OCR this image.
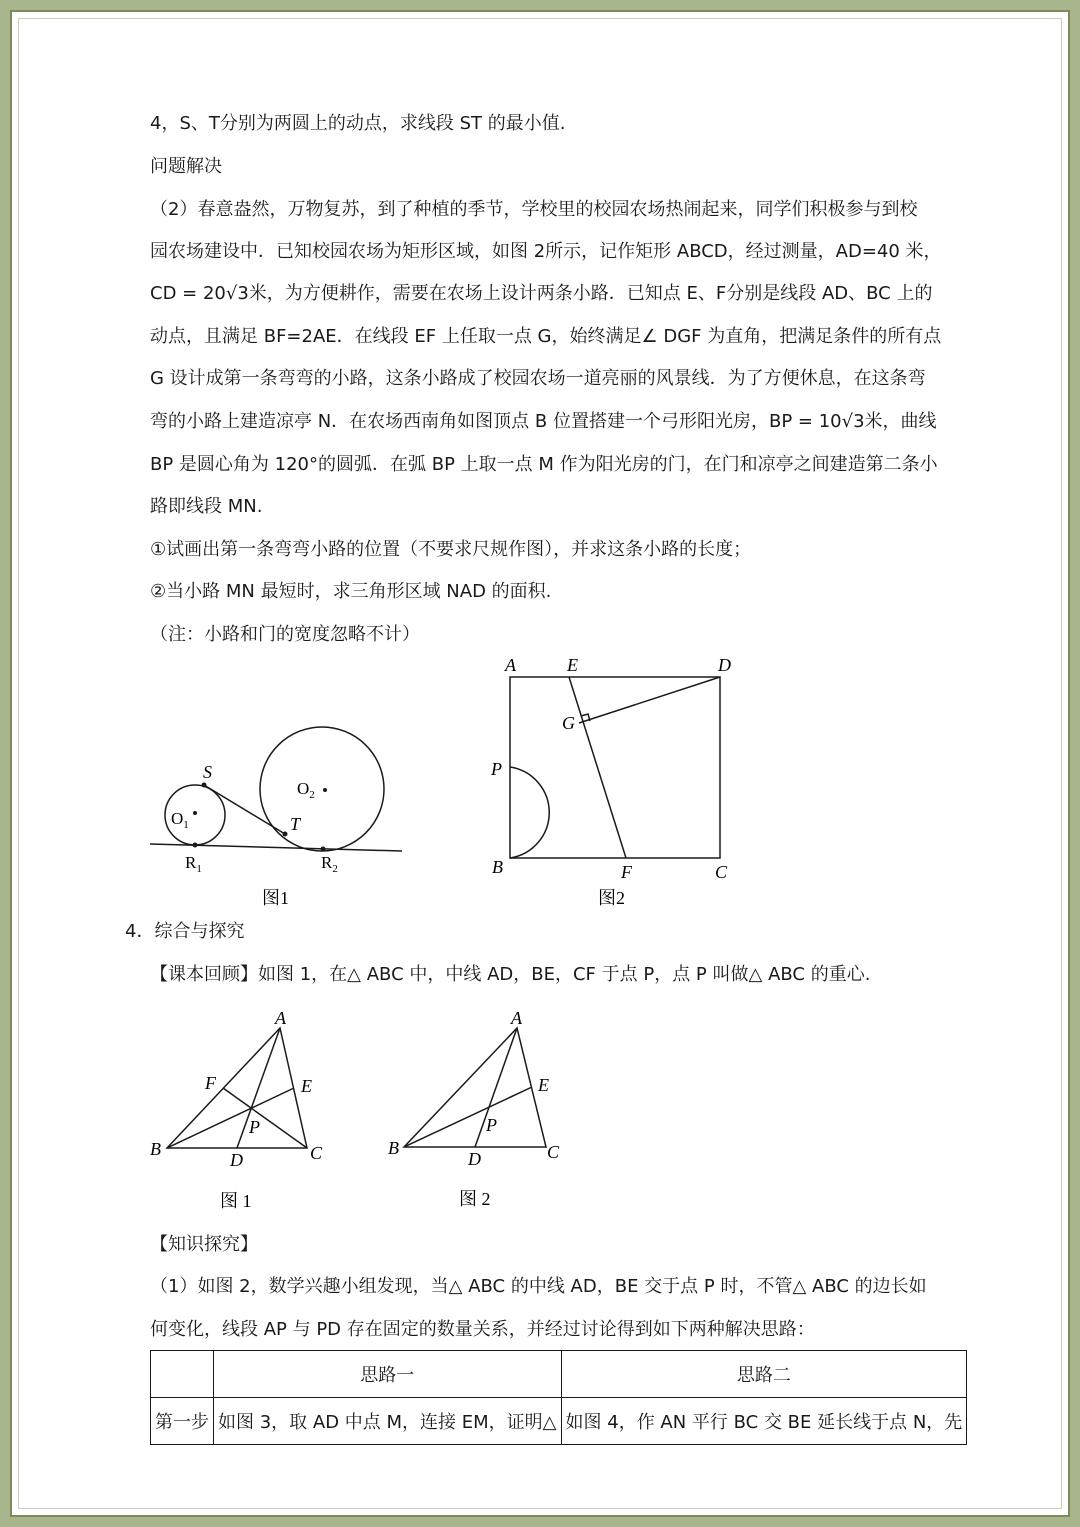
4，S、T分别为两圆上的动点，求线段 ST 的最小值.
问题解决
（2）春意盎然，万物复苏，到了种植的季节，学校里的校园农场热闹起来，同学们积极参与到校
园农场建设中．已知校园农场为矩形区域，如图 2所示，记作矩形 ABCD，经过测量，AD=40 米，
CD = 20√3米，为方便耕作，需要在农场上设计两条小路．已知点 E、F分别是线段 AD、BC 上的
动点，且满足 BF=2AE．在线段 EF 上任取一点 G，始终满足∠ DGF 为直角，把满足条件的所有点
G 设计成第一条弯弯的小路，这条小路成了校园农场一道亮丽的风景线．为了方便休息，在这条弯
弯的小路上建造凉亭 N．在农场西南角如图顶点 B 位置搭建一个弓形阳光房，BP = 10√3米，曲线
BP 是圆心角为 120°的圆弧．在弧 BP 上取一点 M 作为阳光房的门，在门和凉亭之间建造第二条小
路即线段 MN.
①试画出第一条弯弯小路的位置（不要求尺规作图），并求这条小路的长度；
②当小路 MN 最短时，求三角形区域 NAD 的面积.
（注：小路和门的宽度忽略不计）
S
T
$O_1$
$O_2$
$R_1$	$R_2$
图1
A	E	D
G
P
B	F	C
图2
4．综合与探究
【课本回顾】如图 1，在△ ABC 中，中线 AD，BE，CF 于点 P，点 P 叫做△ ABC 的重心.
A
F	E
P
B
D	C
图 1
A
E
P
B
D	C
图 2
【知识探究】
（1）如图 2，数学兴趣小组发现，当△ ABC 的中线 AD，BE 交于点 P 时，不管△ ABC 的边长如
何变化，线段 AP 与 PD 存在固定的数量关系，并经过讨论得到如下两种解决思路：
	思路一	思路二
第一步	如图 3，取 AD 中点 M，连接 EM，证明△	如图 4，作 AN 平行 BC 交 BE 延长线于点 N，先
